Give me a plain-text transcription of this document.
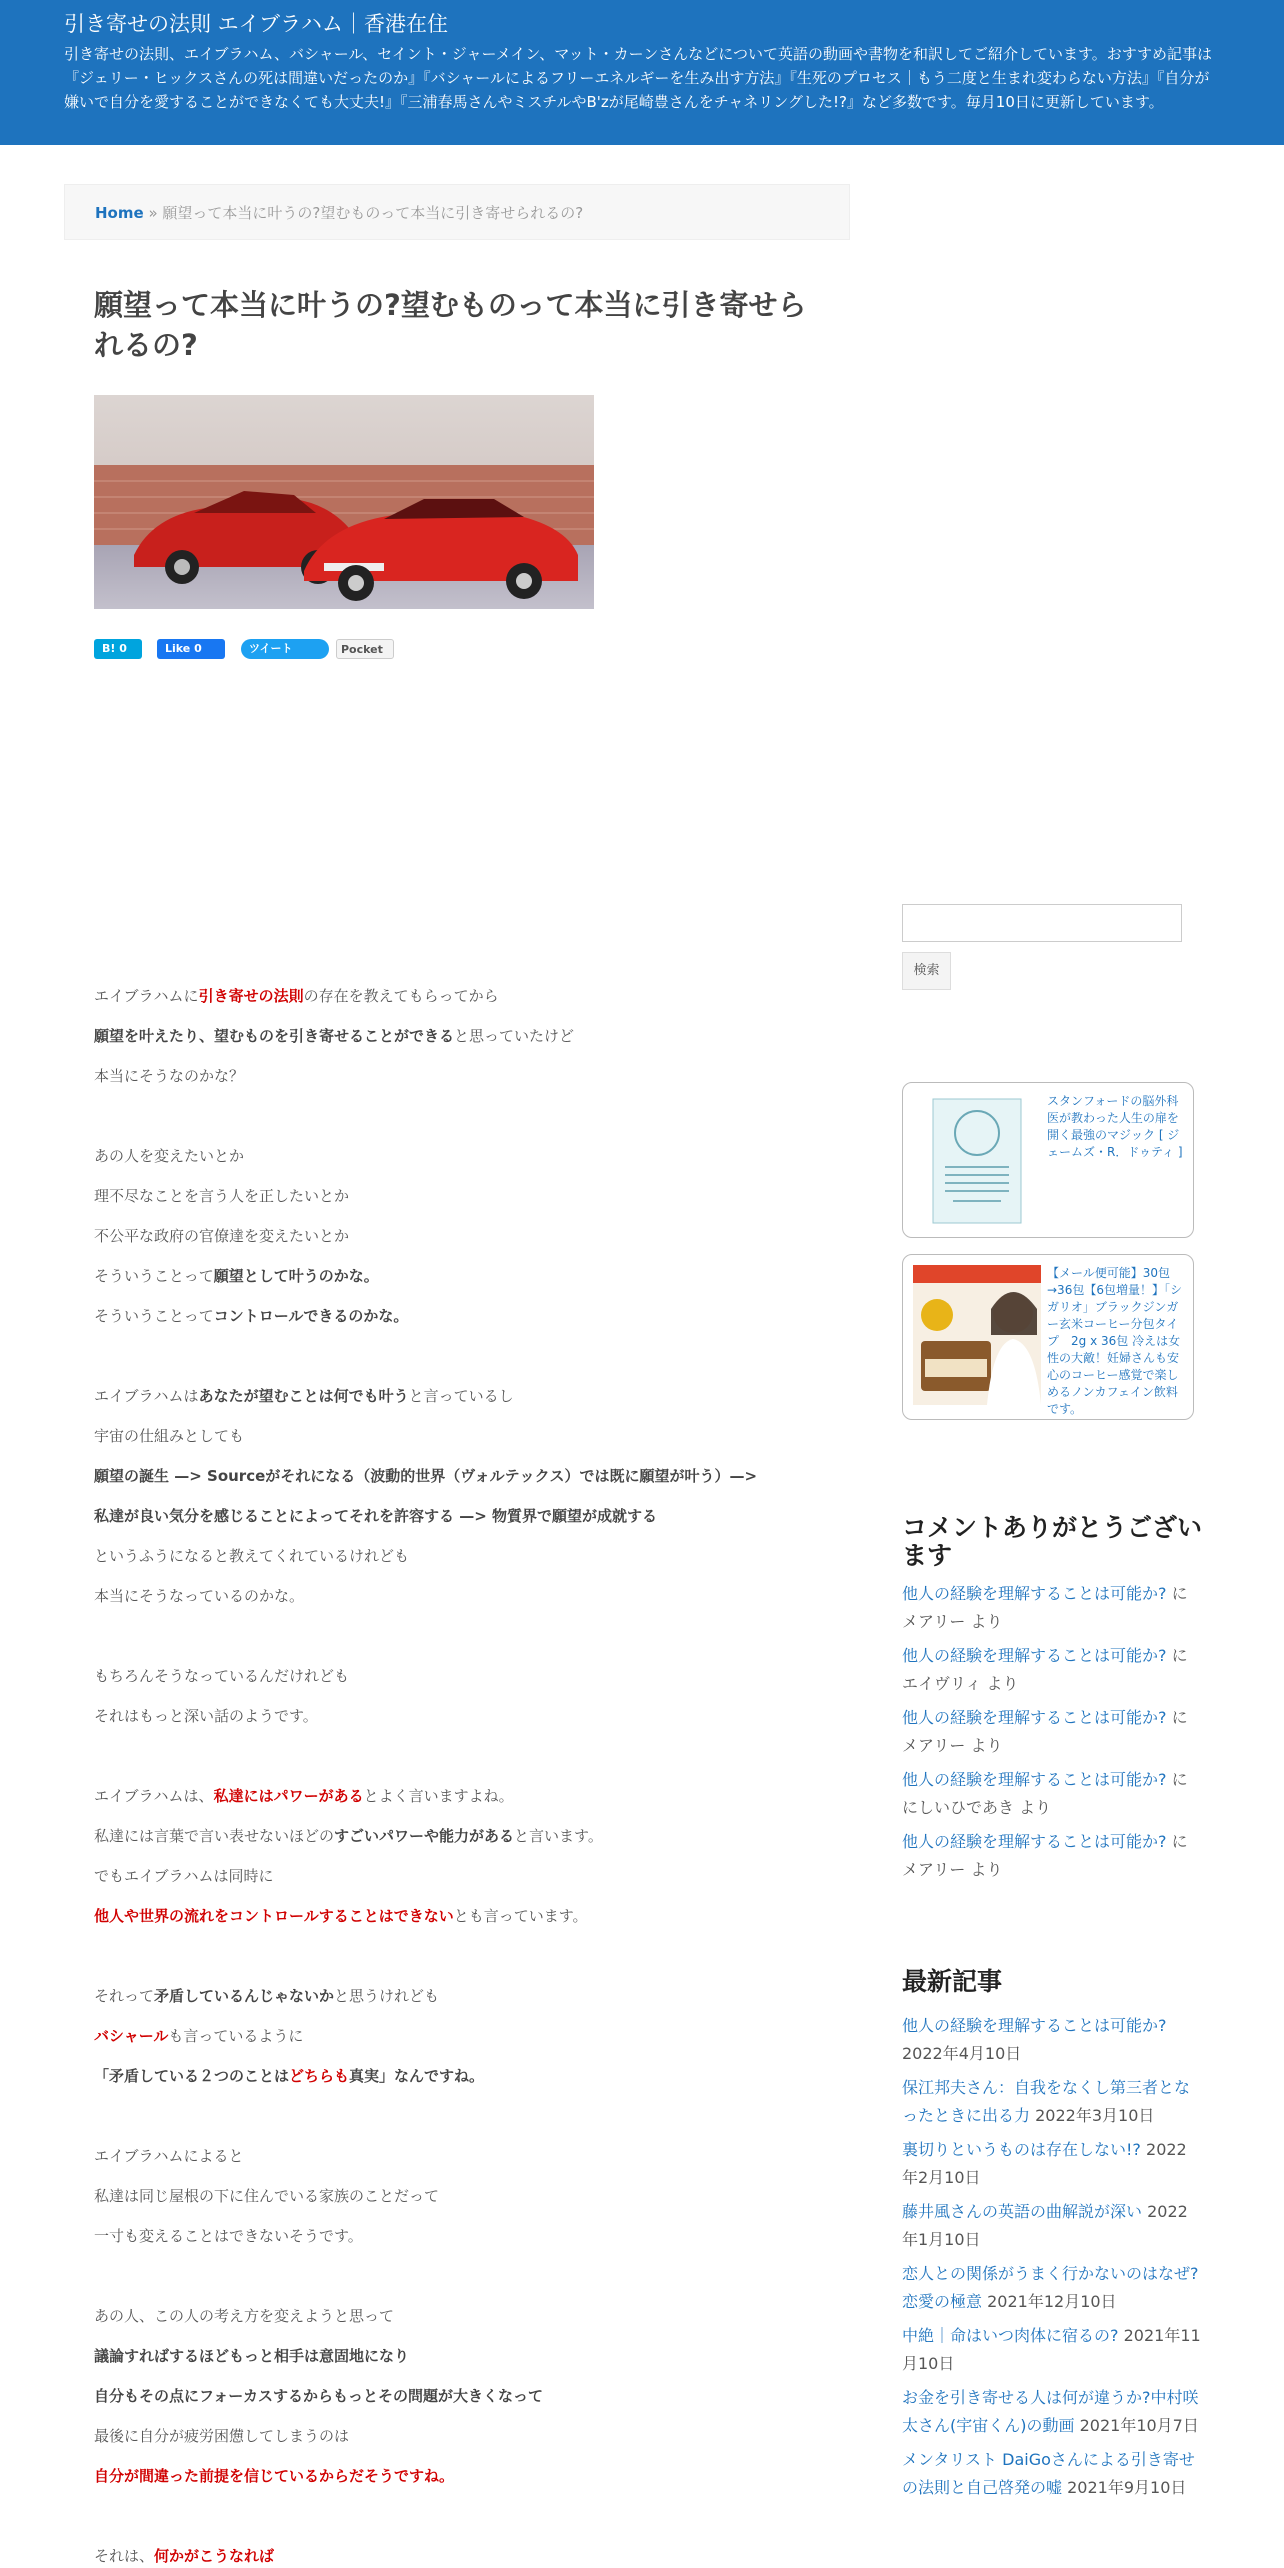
引き寄せの法則 エイブラハム｜香港在住
引き寄せの法則、エイブラハム、バシャール、セイント・ジャーメイン、マット・カーンさんなどについて英語の動画や書物を和訳してご紹介しています。おすすめ記事は『ジェリー・ヒックスさんの死は間違いだったのか』『バシャールによるフリーエネルギーを生み出す方法』『生死のプロセス｜もう二度と生まれ変わらない方法』『自分が嫌いで自分を愛することができなくても大丈夫!』『三浦春馬さんやミスチルやB'zが尾崎豊さんをチャネリングした!?』など多数です。毎月10日に更新しています。
Home » 願望って本当に叶うの?望むものって本当に引き寄せられるの?
願望って本当に叶うの?望むものって本当に引き寄せられるの?
B! 0	Like 0	ツイート	Pocket
エイブラハムに引き寄せの法則の存在を教えてもらってから
願望を叶えたり、望むものを引き寄せることができると思っていたけど
本当にそうなのかな？
あの人を変えたいとか
理不尽なことを言う人を正したいとか
不公平な政府の官僚達を変えたいとか
そういうことって願望として叶うのかな。
そういうことってコントロールできるのかな。
エイブラハムはあなたが望むことは何でも叶うと言っているし
宇宙の仕組みとしても
願望の誕生 —> Sourceがそれになる（波動的世界（ヴォルテックス）では既に願望が叶う）—>
私達が良い気分を感じることによってそれを許容する —> 物質界で願望が成就する
というふうになると教えてくれているけれども
本当にそうなっているのかな。
もちろんそうなっているんだけれども
それはもっと深い話のようです。
エイブラハムは、私達にはパワーがあるとよく言いますよね。
私達には言葉で言い表せないほどのすごいパワーや能力があると言います。
でもエイブラハムは同時に
他人や世界の流れをコントロールすることはできないとも言っています。
それって矛盾しているんじゃないかと思うけれども
バシャールも言っているように
「矛盾している２つのことはどちらも真実」なんですね。
エイブラハムによると
私達は同じ屋根の下に住んでいる家族のことだって
一寸も変えることはできないそうです。
あの人、この人の考え方を変えようと思って
議論すればするほどもっと相手は意固地になり
自分もその点にフォーカスするからもっとその問題が大きくなって
最後に自分が疲労困憊してしまうのは
自分が間違った前提を信じているからだそうですね。
それは、何かがこうなれば
検索
スタンフォードの脳外科医が教わった人生の扉を開く最強のマジック [ ジェームズ・R．ドゥティ ]
【メール便可能】30包→36包【6包増量！】「シガリオ」ブラックジンガー玄米コーヒー分包タイプ　2g x 36包 冷えは女性の大敵！妊婦さんも安心のコーヒー感覚で楽しめるノンカフェイン飲料です。
コメントありがとうございます
他人の経験を理解することは可能か? にメアリー より
他人の経験を理解することは可能か? にエイヴリィ より
他人の経験を理解することは可能か? にメアリー より
他人の経験を理解することは可能か? ににしいひであき より
他人の経験を理解することは可能か? にメアリー より
最新記事
他人の経験を理解することは可能か? 2022年4月10日
保江邦夫さん：自我をなくし第三者となったときに出る力 2022年3月10日
裏切りというものは存在しない!? 2022年2月10日
藤井風さんの英語の曲解説が深い 2022年1月10日
恋人との関係がうまく行かないのはなぜ?恋愛の極意 2021年12月10日
中絶｜命はいつ肉体に宿るの? 2021年11月10日
お金を引き寄せる人は何が違うか?中村咲太さん(宇宙くん)の動画 2021年10月7日
メンタリスト DaiGoさんによる引き寄せの法則と自己啓発の嘘 2021年9月10日
